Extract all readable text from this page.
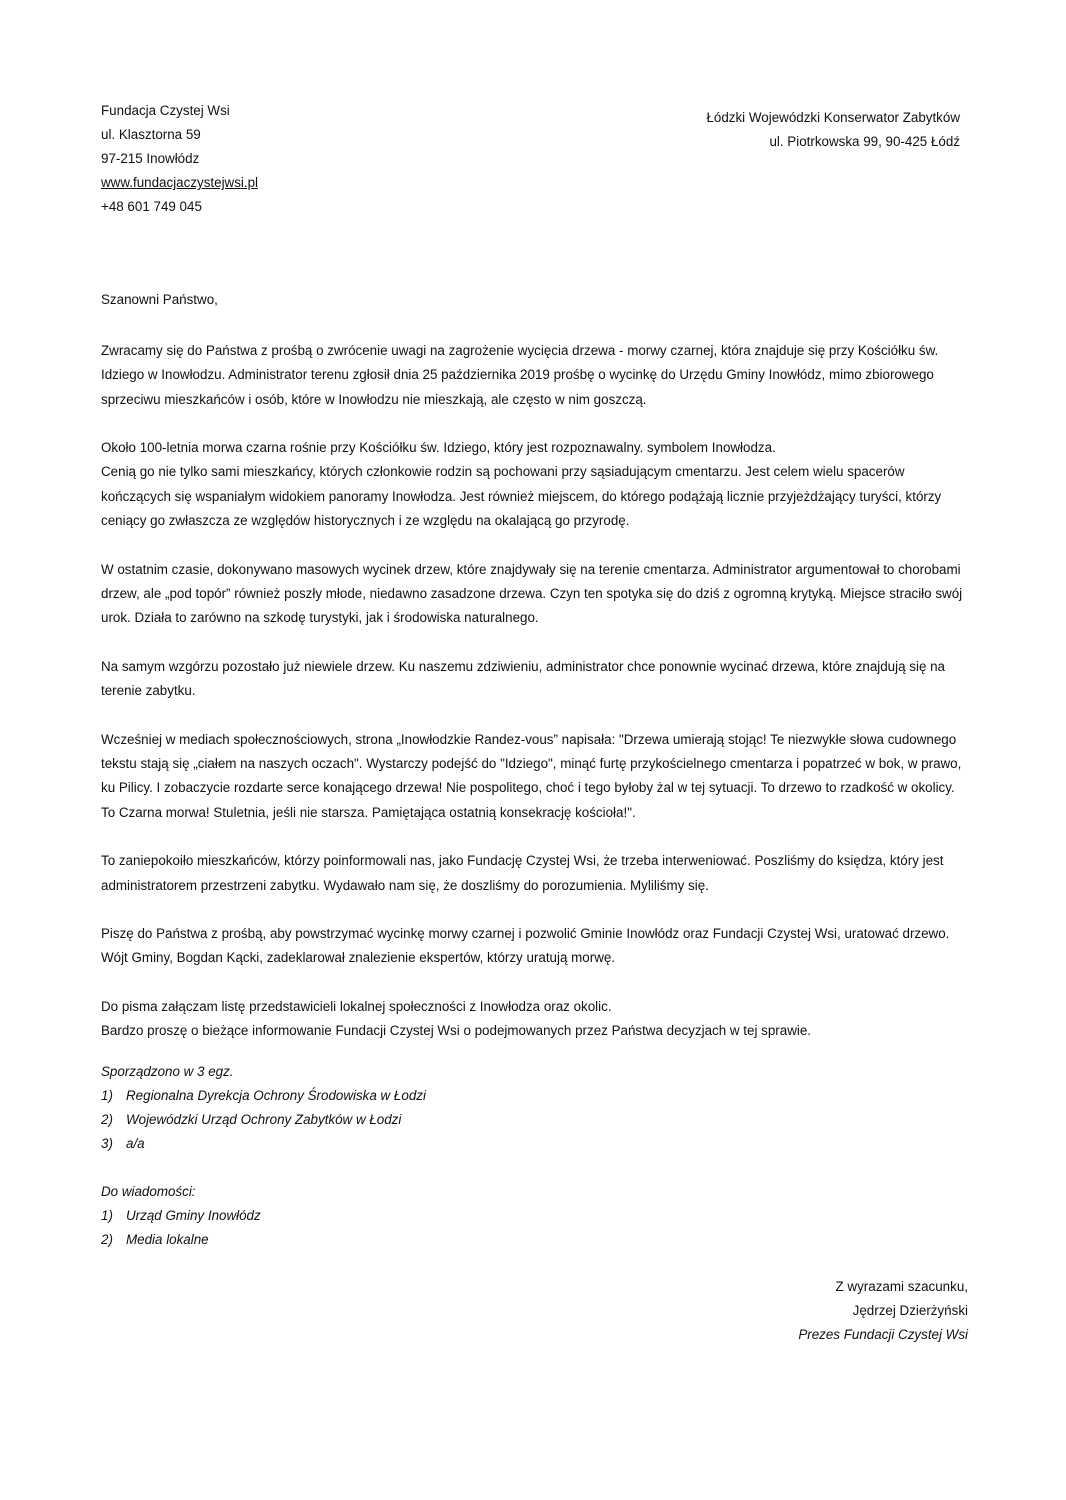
Fundacja Czystej Wsi
ul. Klasztorna 59
97-215 Inowłódz
www.fundacjaczystejwsi.pl
+48 601 749 045
Łódzki Wojewódzki Konserwator Zabytków
ul. Piotrkowska 99, 90-425 Łódź
Szanowni Państwo,

Zwracamy się do Państwa z prośbą o zwrócenie uwagi na zagrożenie wycięcia drzewa - morwy czarnej, która znajduje się przy Kościółku św. Idziego w Inowłodzu. Administrator terenu zgłosił dnia 25 października 2019 prośbę o wycinkę do Urzędu Gminy Inowłódz, mimo zbiorowego sprzeciwu mieszkańców i osób, które w Inowłodzu nie mieszkają, ale często w nim goszczą.

Około 100-letnia morwa czarna rośnie przy Kościółku św. Idziego, który jest rozpoznawalny. symbolem Inowłodza.

Cenią go nie tylko sami mieszkańcy, których członkowie rodzin są pochowani przy sąsiadującym cmentarzu. Jest celem wielu spacerów kończących się wspaniałym widokiem panoramy Inowłodza. Jest również miejscem, do którego podążają licznie przyjeżdżający turyści, którzy ceniący go zwłaszcza ze względów historycznych i ze względu na okalającą go przyrodę.

W ostatnim czasie, dokonywano masowych wycinek drzew, które znajdywały się na terenie cmentarza. Administrator argumentował to chorobami drzew, ale „pod topór” również poszły młode, niedawno zasadzone drzewa. Czyn ten spotyka się do dziś z ogromną krytyką. Miejsce straciło swój urok. Działa to zarówno na szkodę turystyki, jak i środowiska naturalnego.

Na samym wzgórzu pozostało już niewiele drzew. Ku naszemu zdziwieniu, administrator chce ponownie wycinać drzewa, które znajdują się na terenie zabytku.

Wcześniej w mediach społecznościowych, strona „Inowłodzkie Randez-vous” napisała: "Drzewa umierają stojąc! Te niezwykłe słowa cudownego tekstu stają się „ciałem na naszych oczach". Wystarczy podejść do "Idziego", minąć furtę przykościelnego cmentarza i popatrzeć w bok, w prawo, ku Pilicy. I zobaczycie rozdarte serce konającego drzewa! Nie pospolitego, choć i tego byłoby żal w tej sytuacji. To drzewo to rzadkość w okolicy. To Czarna morwa! Stuletnia, jeśli nie starsza. Pamiętająca ostatnią konsekrację kościoła!".

To zaniepokoiło mieszkańców, którzy poinformowali nas, jako Fundację Czystej Wsi, że trzeba interweniować. Poszliśmy do księdza, który jest administratorem przestrzeni zabytku. Wydawało nam się, że doszliśmy do porozumienia. Myliliśmy się.

Piszę do Państwa z prośbą, aby powstrzymać wycinkę morwy czarnej i pozwolić Gminie Inowłódz oraz Fundacji Czystej Wsi, uratować drzewo. Wójt Gminy, Bogdan Kącki, zadeklarował znalezienie ekspertów, którzy uratują morwę.

Do pisma załączam listę przedstawicieli lokalnej społeczności z Inowłodza oraz okolic.

Bardzo proszę o bieżące informowanie Fundacji Czystej Wsi o podejmowanych przez Państwa decyzjach w tej sprawie.

Sporządzono w 3 egz.
1) Regionalna Dyrekcja Ochrony Środowiska w Łodzi
2) Wojewódzki Urząd Ochrony Zabytków w Łodzi
3) a/a
Do wiadomości:
1) Urząd Gminy Inowłódz
2) Media lokalne
Z wyrazami szacunku,
Jędrzej Dzierżyński
Prezes Fundacji Czystej Wsi
